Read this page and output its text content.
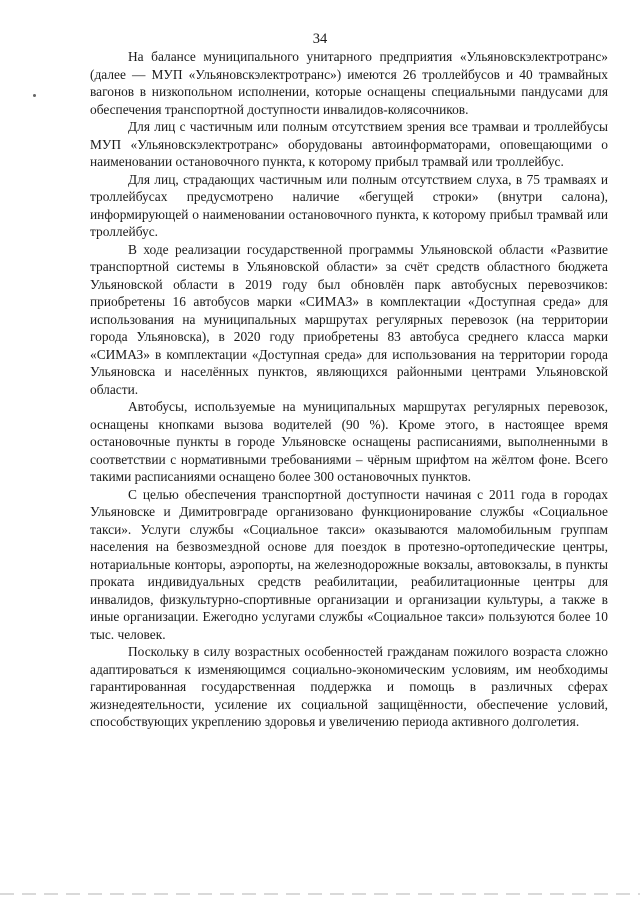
34

На балансе муниципального унитарного предприятия «Ульяновскэлектротранс» (далее — МУП «Ульяновскэлектротранс») имеются 26 троллейбусов и 40 трамвайных вагонов в низкопольном исполнении, которые оснащены специальными пандусами для обеспечения транспортной доступности инвалидов-колясочников.

Для лиц с частичным или полным отсутствием зрения все трамваи и троллейбусы МУП «Ульяновскэлектротранс» оборудованы автоинформаторами, оповещающими о наименовании остановочного пункта, к которому прибыл трамвай или троллейбус.

Для лиц, страдающих частичным или полным отсутствием слуха, в 75 трамваях и троллейбусах предусмотрено наличие «бегущей строки» (внутри салона), информирующей о наименовании остановочного пункта, к которому прибыл трамвай или троллейбус.

В ходе реализации государственной программы Ульяновской области «Развитие транспортной системы в Ульяновской области» за счёт средств областного бюджета Ульяновской области в 2019 году был обновлён парк автобусных перевозчиков: приобретены 16 автобусов марки «СИМАЗ» в комплектации «Доступная среда» для использования на муниципальных маршрутах регулярных перевозок (на территории города Ульяновска), в 2020 году приобретены 83 автобуса среднего класса марки «СИМАЗ» в комплектации «Доступная среда» для использования на территории города Ульяновска и населённых пунктов, являющихся районными центрами Ульяновской области.

Автобусы, используемые на муниципальных маршрутах регулярных перевозок, оснащены кнопками вызова водителей (90 %). Кроме этого, в настоящее время остановочные пункты в городе Ульяновске оснащены расписаниями, выполненными в соответствии с нормативными требованиями – чёрным шрифтом на жёлтом фоне. Всего такими расписаниями оснащено более 300 остановочных пунктов.

С целью обеспечения транспортной доступности начиная с 2011 года в городах Ульяновске и Димитровграде организовано функционирование службы «Социальное такси». Услуги службы «Социальное такси» оказываются маломобильным группам населения на безвозмездной основе для поездок в протезно-ортопедические центры, нотариальные конторы, аэропорты, на железнодорожные вокзалы, автовокзалы, в пункты проката индивидуальных средств реабилитации, реабилитационные центры для инвалидов, физкультурно-спортивные организации и организации культуры, а также в иные организации. Ежегодно услугами службы «Социальное такси» пользуются более 10 тыс. человек.

Поскольку в силу возрастных особенностей гражданам пожилого возраста сложно адаптироваться к изменяющимся социально-экономическим условиям, им необходимы гарантированная государственная поддержка и помощь в различных сферах жизнедеятельности, усиление их социальной защищённости, обеспечение условий, способствующих укреплению здоровья и увеличению периода активного долголетия.
